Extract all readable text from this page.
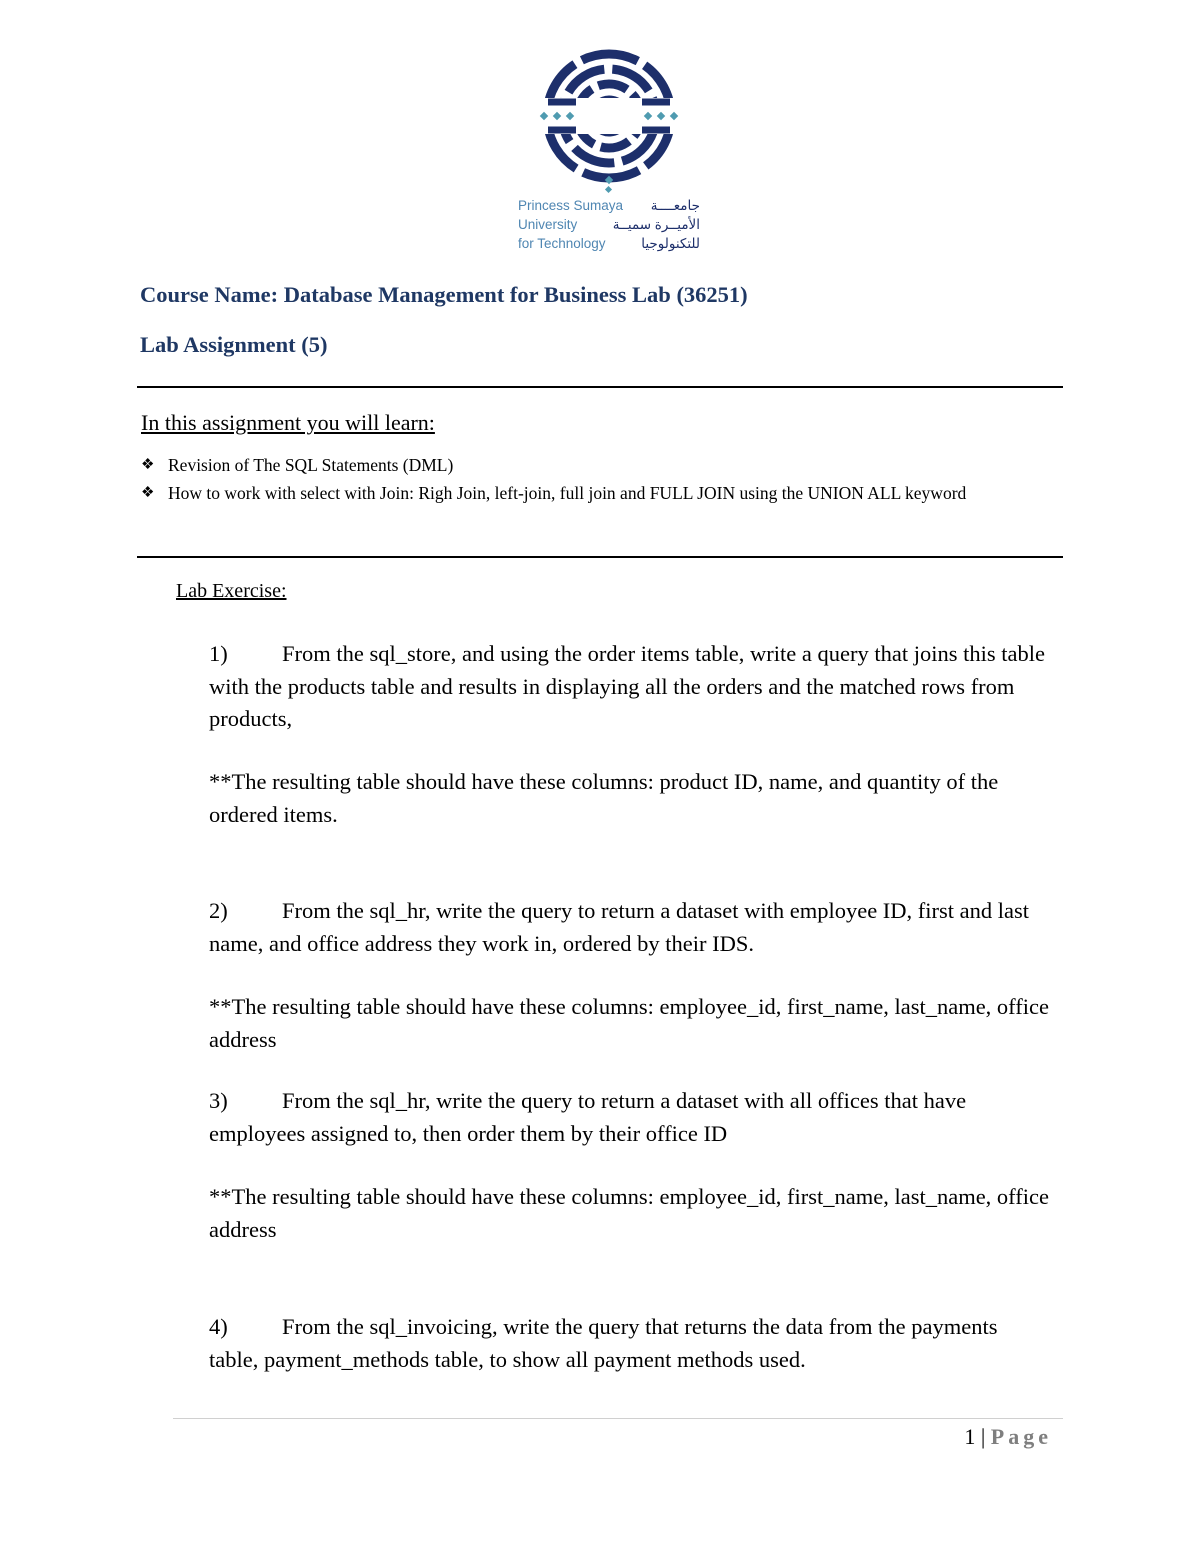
Princess Sumaya جامعــــة
University	الأميــرة سميــة
for Technology	للتكنولوجيا
Course Name: Database Management for Business Lab (36251)
Lab Assignment (5)
In this assignment you will learn:
❖ Revision of The SQL Statements (DML)
❖ How to work with select with Join: Righ Join, left-join, full join and FULL JOIN using the UNION ALL keyword
Lab Exercise:
1) From the sql_store, and using the order items table, write a query that joins this table with the products table and results in displaying all the orders and the matched rows from products,
**The resulting table should have these columns: product ID, name, and quantity of the ordered items.
2) From the sql_hr, write the query to return a dataset with employee ID, first and last name, and office address they work in, ordered by their IDS.
**The resulting table should have these columns: employee_id, first_name, last_name, office address
3) From the sql_hr, write the query to return a dataset with all offices that have employees assigned to, then order them by their office ID
**The resulting table should have these columns: employee_id, first_name, last_name, office address
4) From the sql_invoicing, write the query that returns the data from the payments table, payment_methods table, to show all payment methods used.
1 | Page
